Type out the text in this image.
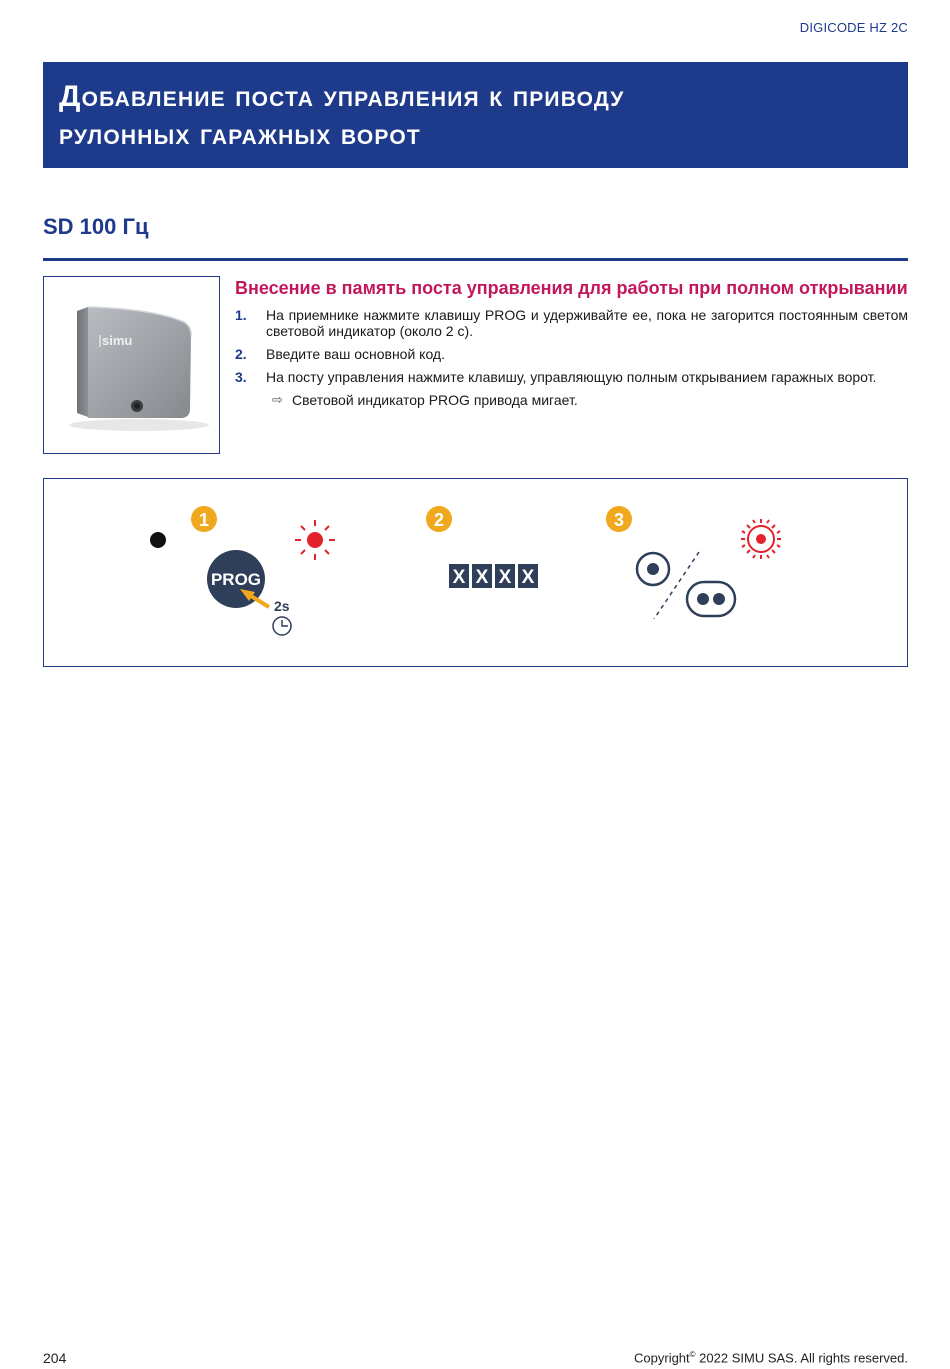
DIGICODE HZ 2C
Добавление поста управления к приводу
рулонных гаражных ворот
SD 100 Гц
simu
Внесение в память поста управления для работы при полном открывании
1. На приемнике нажмите клавишу PROG и удерживайте ее, пока не загорится постоянным светом световой индикатор (около 2 с).
2. Введите ваш основной код.
3. На посту управления нажмите клавишу, управляющую полным открыванием гаражных ворот.
⇨ Световой индикатор PROG привода мигает.
1
PROG
2s
2
X X X X
3
204	Copyright© 2022 SIMU SAS. All rights reserved.
